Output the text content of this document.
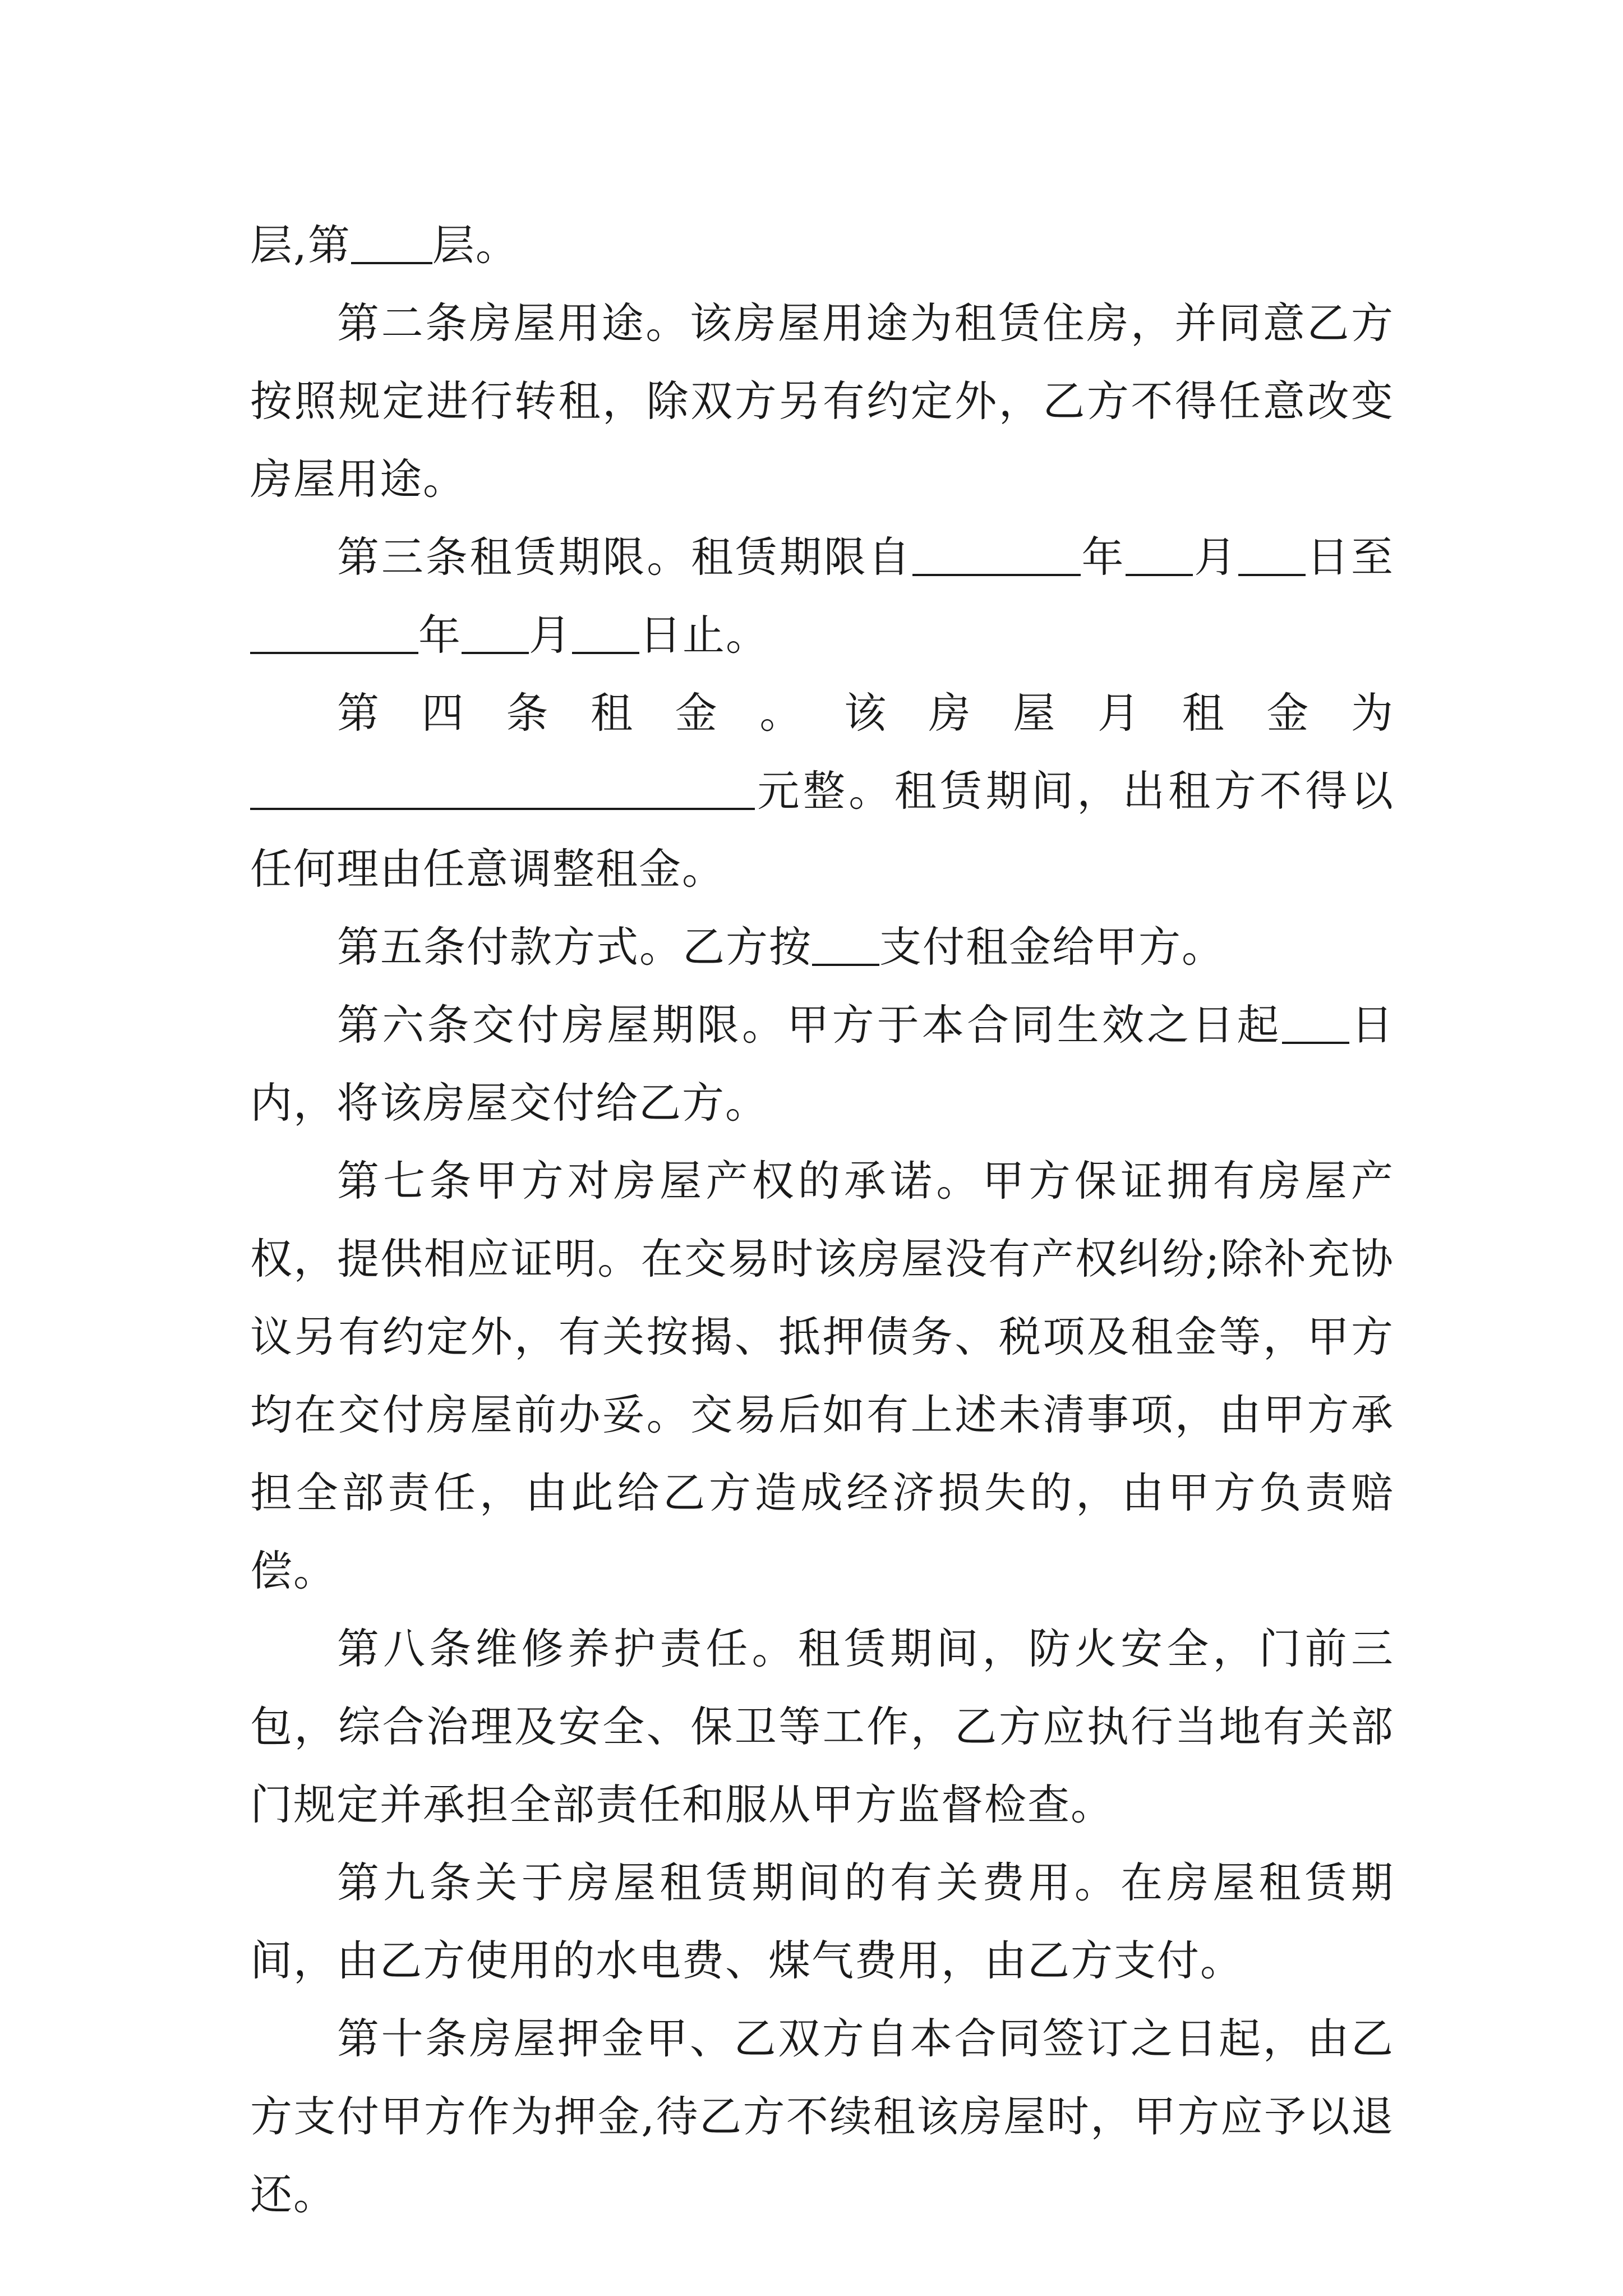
层,第 层。

第二条房屋用途。该房屋用途为租赁住房，并同意乙方按照规定进行转租，除双方另有约定外，乙方不得任意改变房屋用途。

第三条租赁期限。租赁期限自	年 月 日至年 月 日止。

第四条租金。该房屋月租金为元整。租赁期间，出租方不得以任何理由任意调整租金。

第五条付款方式。乙方按 支付租金给甲方。

第六条交付房屋期限。甲方于本合同生效之日起 日内，将该房屋交付给乙方。

第七条甲方对房屋产权的承诺。甲方保证拥有房屋产权，提供相应证明。在交易时该房屋没有产权纠纷;除补充协议另有约定外，有关按揭、抵押债务、税项及租金等，甲方均在交付房屋前办妥。交易后如有上述未清事项，由甲方承担全部责任，由此给乙方造成经济损失的，由甲方负责赔偿。

第八条维修养护责任。租赁期间，防火安全，门前三包，综合治理及安全、保卫等工作，乙方应执行当地有关部门规定并承担全部责任和服从甲方监督检查。

第九条关于房屋租赁期间的有关费用。在房屋租赁期间，由乙方使用的水电费、煤气费用，由乙方支付。

第十条房屋押金甲、乙双方自本合同签订之日起，由乙方支付甲方作为押金,待乙方不续租该房屋时，甲方应予以退还。
